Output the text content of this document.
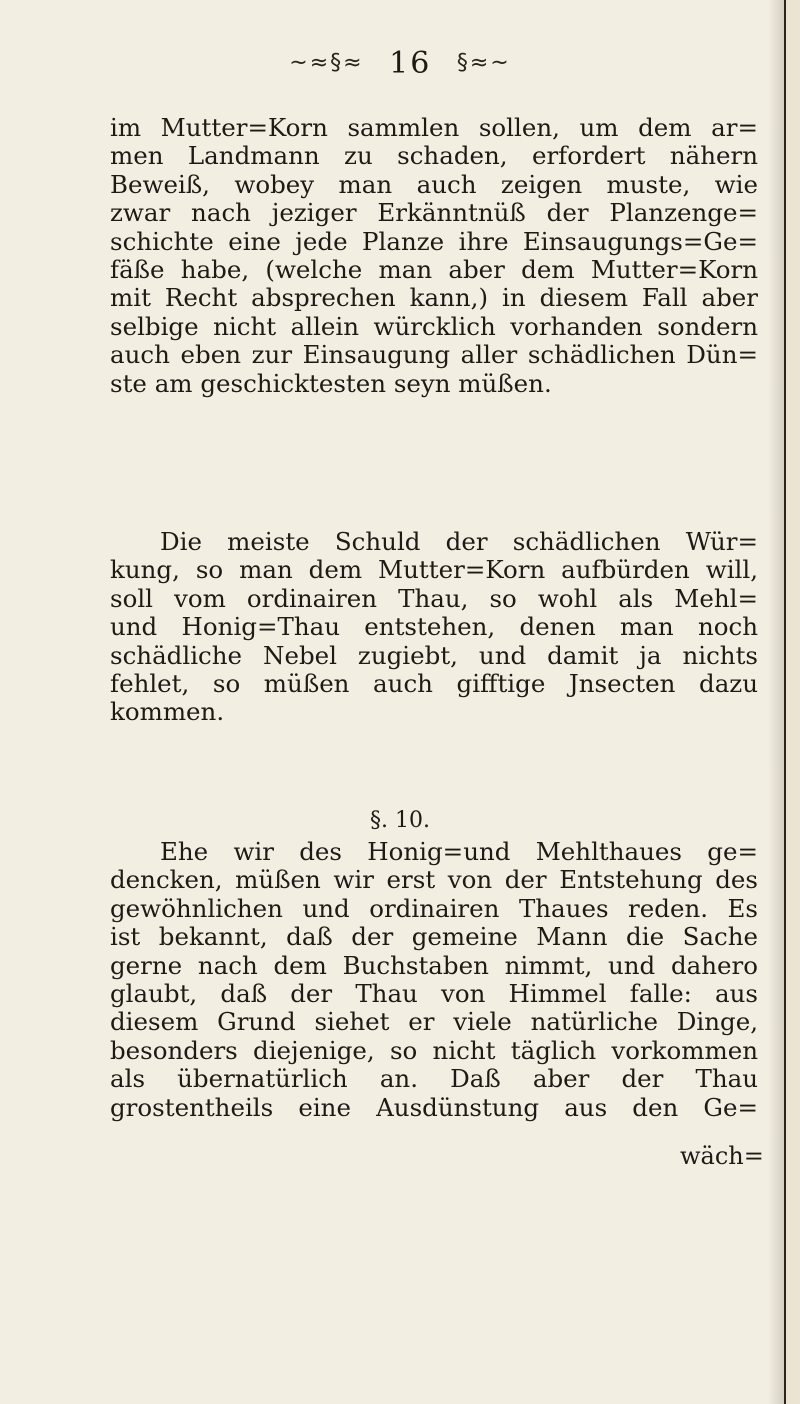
~≈§≈ 16 §≈~
im Mutter=Korn sammlen sollen, um dem ar=
men Landmann zu schaden, erfordert nähern
Beweiß, wobey man auch zeigen muste, wie
zwar nach jeziger Erkänntnüß der Planzenge=
schichte eine jede Planze ihre Einsaugungs=Ge=
fäße habe, (welche man aber dem Mutter=Korn
mit Recht absprechen kann,) in diesem Fall aber
selbige nicht allein würcklich vorhanden sondern
auch eben zur Einsaugung aller schädlichen Dün=
ste am geschicktesten seyn müßen.
Die meiste Schuld der schädlichen Wür=
kung, so man dem Mutter=Korn aufbürden will,
soll vom ordinairen Thau, so wohl als Mehl=
und Honig=Thau entstehen, denen man noch
schädliche Nebel zugiebt, und damit ja nichts
fehlet, so müßen auch gifftige Jnsecten dazu
kommen.
§. 10.
Ehe wir des Honig=und Mehlthaues ge=
dencken, müßen wir erst von der Entstehung des
gewöhnlichen und ordinairen Thaues reden. Es
ist bekannt, daß der gemeine Mann die Sache
gerne nach dem Buchstaben nimmt, und dahero
glaubt, daß der Thau von Himmel falle: aus
diesem Grund siehet er viele natürliche Dinge,
besonders diejenige, so nicht täglich vorkommen
als übernatürlich an. Daß aber der Thau
grostentheils eine Ausdünstung aus den Ge=
wäch=
